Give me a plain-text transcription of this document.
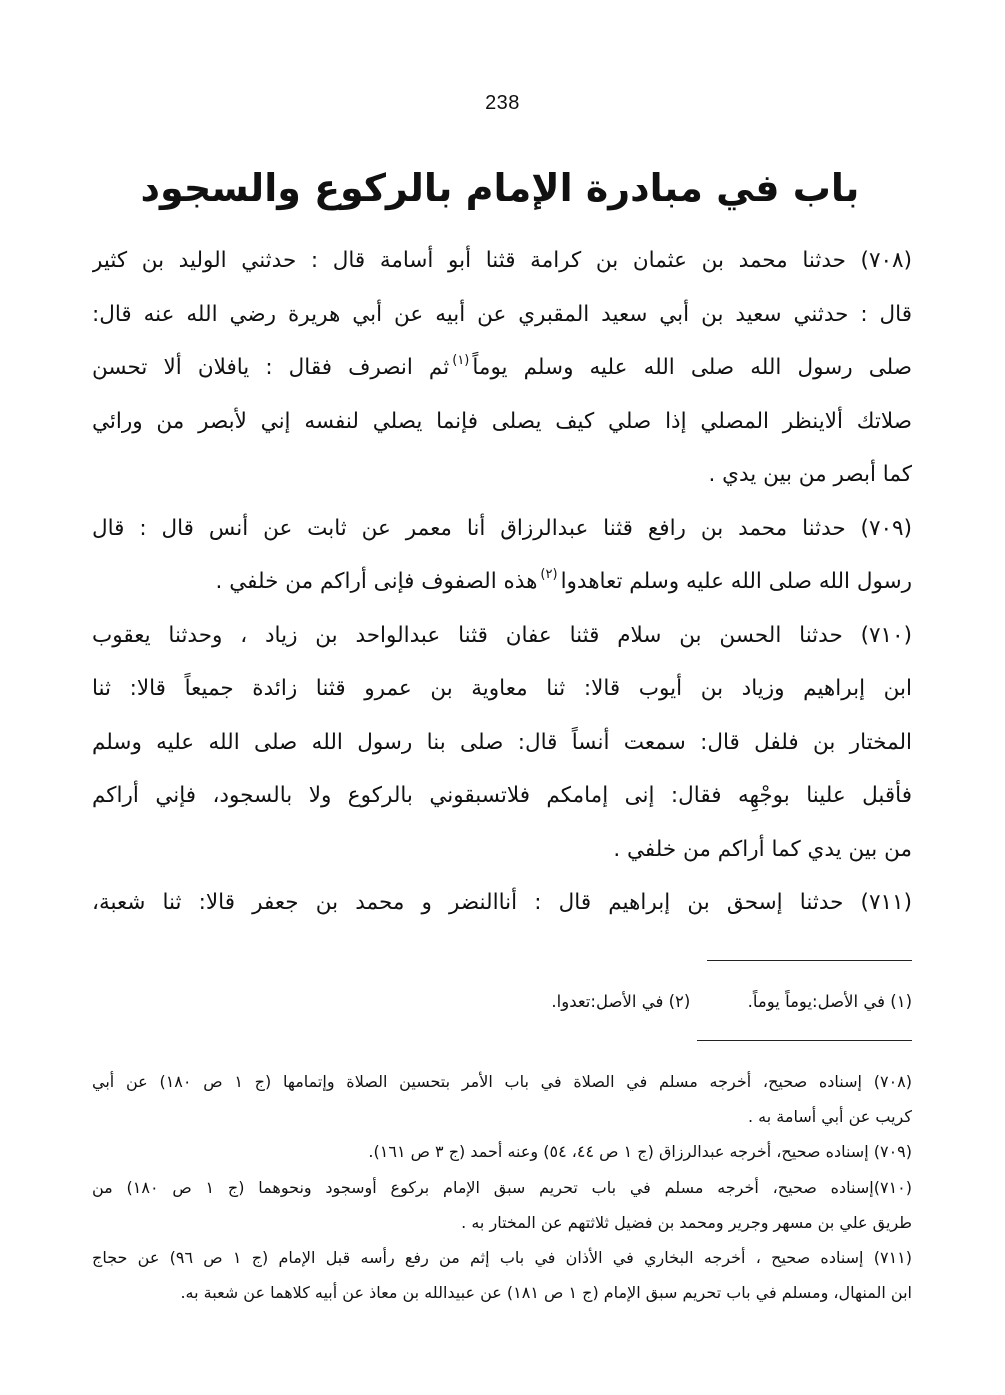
238
باب في مبادرة الإمام بالركوع والسجود
(٧٠٨) حدثنا محمد بن عثمان بن كرامة قثنا أبو أسامة قال : حدثني الوليد بن كثير
قال : حدثني سعيد بن أبي سعيد المقبري عن أبيه عن أبي هريرة رضي الله عنه قال:
صلى رسول الله صلى الله عليه وسلم يوماً$^{(١)}$ثم انصرف فقال : يافلان ألا تحسن
صلاتك ألاينظر المصلي إذا صلي كيف يصلى فإنما يصلي لنفسه إني لأبصر من ورائي
كما أبصر من بين يدي .
(٧٠٩) حدثنا محمد بن رافع قثنا عبدالرزاق أنا معمر عن ثابت عن أنس قال : قال
رسول الله صلى الله عليه وسلم تعاهدوا$^{(٢)}$هذه الصفوف فإنى أراكم من خلفي .
(٧١٠) حدثنا الحسن بن سلام قثنا عفان قثنا عبدالواحد بن زياد ، وحدثنا يعقوب
ابن إبراهيم وزياد بن أيوب قالا: ثنا معاوية بن عمرو قثنا زائدة جميعاً قالا: ثنا
المختار بن فلفل قال: سمعت أنساً قال: صلى بنا رسول الله صلى الله عليه وسلم
فأقبل علينا بوجْهِه فقال: إنى إمامكم فلاتسبقوني بالركوع ولا بالسجود، فإني أراكم
من بين يدي كما أراكم من خلفي .
(٧١١) حدثنا إسحق بن إبراهيم قال : أناالنضر و محمد بن جعفر قالا: ثنا شعبة،
(١) في الأصل:يوماً يوماً. (٢) في الأصل:تعدوا.
(٧٠٨) إسناده صحيح، أخرجه مسلم في الصلاة في باب الأمر بتحسين الصلاة وإتمامها (ج ١ ص ١٨٠) عن أبي
كريب عن أبي أسامة به .
(٧٠٩) إسناده صحيح، أخرجه عبدالرزاق (ج ١ ص ٤٤، ٥٤) وعنه أحمد (ج ٣ ص ١٦١).
(٧١٠)إسناده صحيح، أخرجه مسلم في باب تحريم سبق الإمام بركوع أوسجود ونحوهما (ج ١ ص ١٨٠) من
طريق علي بن مسهر وجرير ومحمد بن فضيل ثلاثتهم عن المختار به .
(٧١١) إسناده صحيح ، أخرجه البخاري في الأذان في باب إثم من رفع رأسه قبل الإمام (ج ١ ص ٩٦) عن حجاج
ابن المنهال، ومسلم في باب تحريم سبق الإمام (ج ١ ص ١٨١) عن عبيدالله بن معاذ عن أبيه كلاهما عن شعبة به.
